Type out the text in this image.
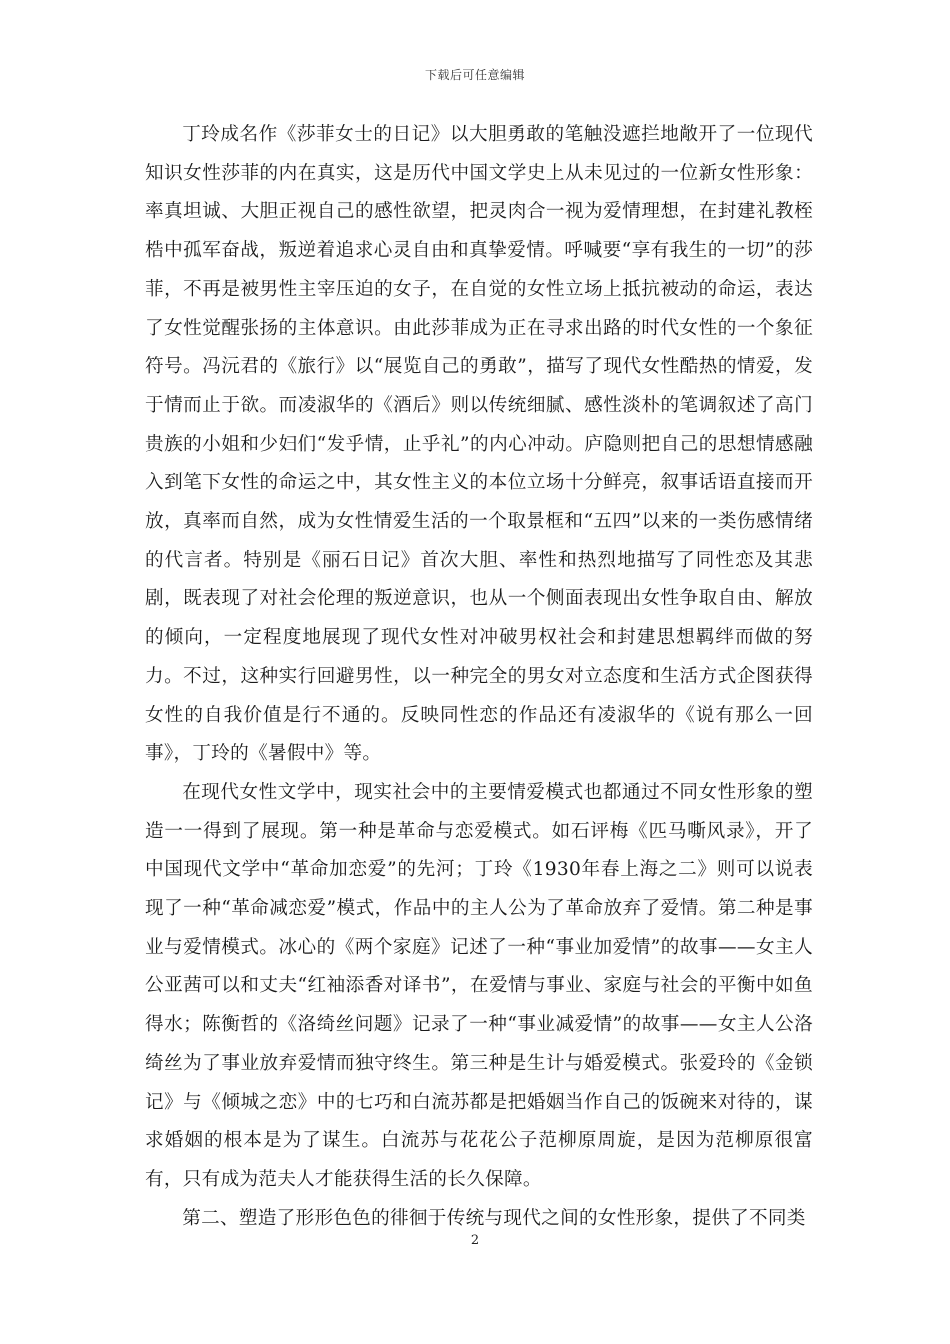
下载后可任意编辑

丁玲成名作《莎菲女士的日记》以大胆勇敢的笔触没遮拦地敞开了一位现代知识女性莎菲的内在真实，这是历代中国文学史上从未见过的一位新女性形象：率真坦诚、大胆正视自己的感性欲望，把灵肉合一视为爱情理想，在封建礼教桎梏中孤军奋战，叛逆着追求心灵自由和真挚爱情。呼喊要“享有我生的一切”的莎菲，不再是被男性主宰压迫的女子，在自觉的女性立场上抵抗被动的命运，表达了女性觉醒张扬的主体意识。由此莎菲成为正在寻求出路的时代女性的一个象征符号。冯沅君的《旅行》以“展览自己的勇敢”，描写了现代女性酷热的情爱，发于情而止于欲。而凌淑华的《酒后》则以传统细腻、感性淡朴的笔调叙述了高门贵族的小姐和少妇们“发乎情，止乎礼”的内心冲动。庐隐则把自己的思想情感融入到笔下女性的命运之中，其女性主义的本位立场十分鲜亮，叙事话语直接而开放，真率而自然，成为女性情爱生活的一个取景框和“五四”以来的一类伤感情绪的代言者。特别是《丽石日记》首次大胆、率性和热烈地描写了同性恋及其悲剧，既表现了对社会伦理的叛逆意识，也从一个侧面表现出女性争取自由、解放的倾向，一定程度地展现了现代女性对冲破男权社会和封建思想羁绊而做的努力。不过，这种实行回避男性，以一种完全的男女对立态度和生活方式企图获得女性的自我价值是行不通的。反映同性恋的作品还有凌淑华的《说有那么一回事》，丁玲的《暑假中》等。

在现代女性文学中，现实社会中的主要情爱模式也都通过不同女性形象的塑造一一得到了展现。第一种是革命与恋爱模式。如石评梅《匹马嘶风录》，开了中国现代文学中“革命加恋爱”的先河；丁玲《1930年春上海之二》则可以说表现了一种“革命减恋爱”模式，作品中的主人公为了革命放弃了爱情。第二种是事业与爱情模式。冰心的《两个家庭》记述了一种“事业加爱情”的故事——女主人公亚茜可以和丈夫“红袖添香对译书”，在爱情与事业、家庭与社会的平衡中如鱼得水；陈衡哲的《洛绮丝问题》记录了一种“事业减爱情”的故事——女主人公洛绮丝为了事业放弃爱情而独守终生。第三种是生计与婚爱模式。张爱玲的《金锁记》与《倾城之恋》中的七巧和白流苏都是把婚姻当作自己的饭碗来对待的，谋求婚姻的根本是为了谋生。白流苏与花花公子范柳原周旋，是因为范柳原很富有，只有成为范夫人才能获得生活的长久保障。

第二、塑造了形形色色的徘徊于传统与现代之间的女性形象，提供了不同类

2
